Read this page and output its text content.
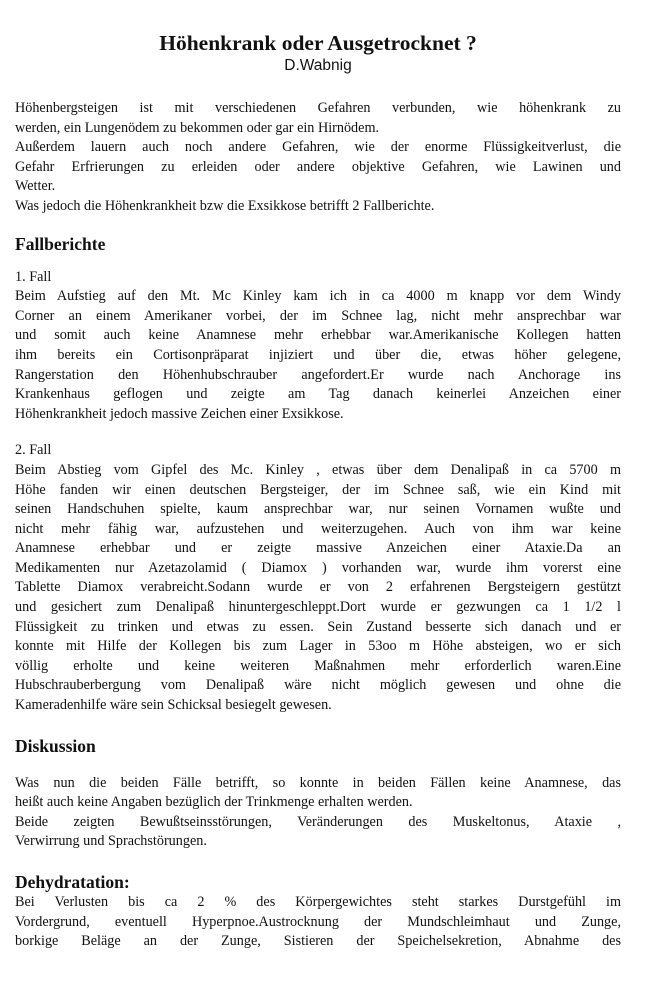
Höhenkrank oder Ausgetrocknet ?
D.Wabnig

Höhenbergsteigen ist mit verschiedenen Gefahren verbunden, wie höhenkrank zu
werden, ein Lungenödem zu bekommen oder gar ein Hirnödem.
Außerdem lauern auch noch andere Gefahren, wie der enorme Flüssigkeitverlust, die
Gefahr Erfrierungen zu erleiden oder andere objektive Gefahren, wie Lawinen und
Wetter.
Was jedoch die Höhenkrankheit bzw die Exsikkose betrifft 2 Fallberichte.

Fallberichte

1. Fall
Beim Aufstieg auf den Mt. Mc Kinley kam ich in ca 4000 m knapp vor dem Windy
Corner an einem Amerikaner vorbei, der im Schnee lag, nicht mehr ansprechbar war
und somit auch keine Anamnese mehr erhebbar war.Amerikanische Kollegen hatten
ihm bereits ein Cortisonpräparat injiziert und über die, etwas höher gelegene,
Rangerstation den Höhenhubschrauber angefordert.Er wurde nach Anchorage ins
Krankenhaus geflogen und zeigte am Tag danach keinerlei Anzeichen einer
Höhenkrankheit jedoch massive Zeichen einer Exsikkose.

2. Fall
Beim Abstieg vom Gipfel des Mc. Kinley , etwas über dem Denalipaß in ca 5700 m
Höhe fanden wir einen deutschen Bergsteiger, der im Schnee saß, wie ein Kind mit
seinen Handschuhen spielte, kaum ansprechbar war, nur seinen Vornamen wußte und
nicht mehr fähig war, aufzustehen und weiterzugehen. Auch von ihm war keine
Anamnese erhebbar und er zeigte massive Anzeichen einer Ataxie.Da an
Medikamenten nur Azetazolamid ( Diamox ) vorhanden war, wurde ihm vorerst eine
Tablette Diamox verabreicht.Sodann wurde er von 2 erfahrenen Bergsteigern gestützt
und gesichert zum Denalipaß hinuntergeschleppt.Dort wurde er gezwungen ca 1 1/2 l
Flüssigkeit zu trinken und etwas zu essen. Sein Zustand besserte sich danach und er
konnte mit Hilfe der Kollegen bis zum Lager in 53oo m Höhe absteigen, wo er sich
völlig erholte und keine weiteren Maßnahmen mehr erforderlich waren.Eine
Hubschrauberbergung vom Denalipaß wäre nicht möglich gewesen und ohne die
Kameradenhilfe wäre sein Schicksal besiegelt gewesen.

Diskussion

Was nun die beiden Fälle betrifft, so konnte in beiden Fällen keine Anamnese, das
heißt auch keine Angaben bezüglich der Trinkmenge erhalten werden.
Beide zeigten Bewußtseinsstörungen, Veränderungen des Muskeltonus, Ataxie ,
Verwirrung und Sprachstörungen.

Dehydratation:

Bei Verlusten bis ca 2 % des Körpergewichtes steht starkes Durstgefühl im
Vordergrund, eventuell Hyperpnoe.Austrocknung der Mundschleimhaut und Zunge,
borkige Beläge an der Zunge, Sistieren der Speichelsekretion, Abnahme des
